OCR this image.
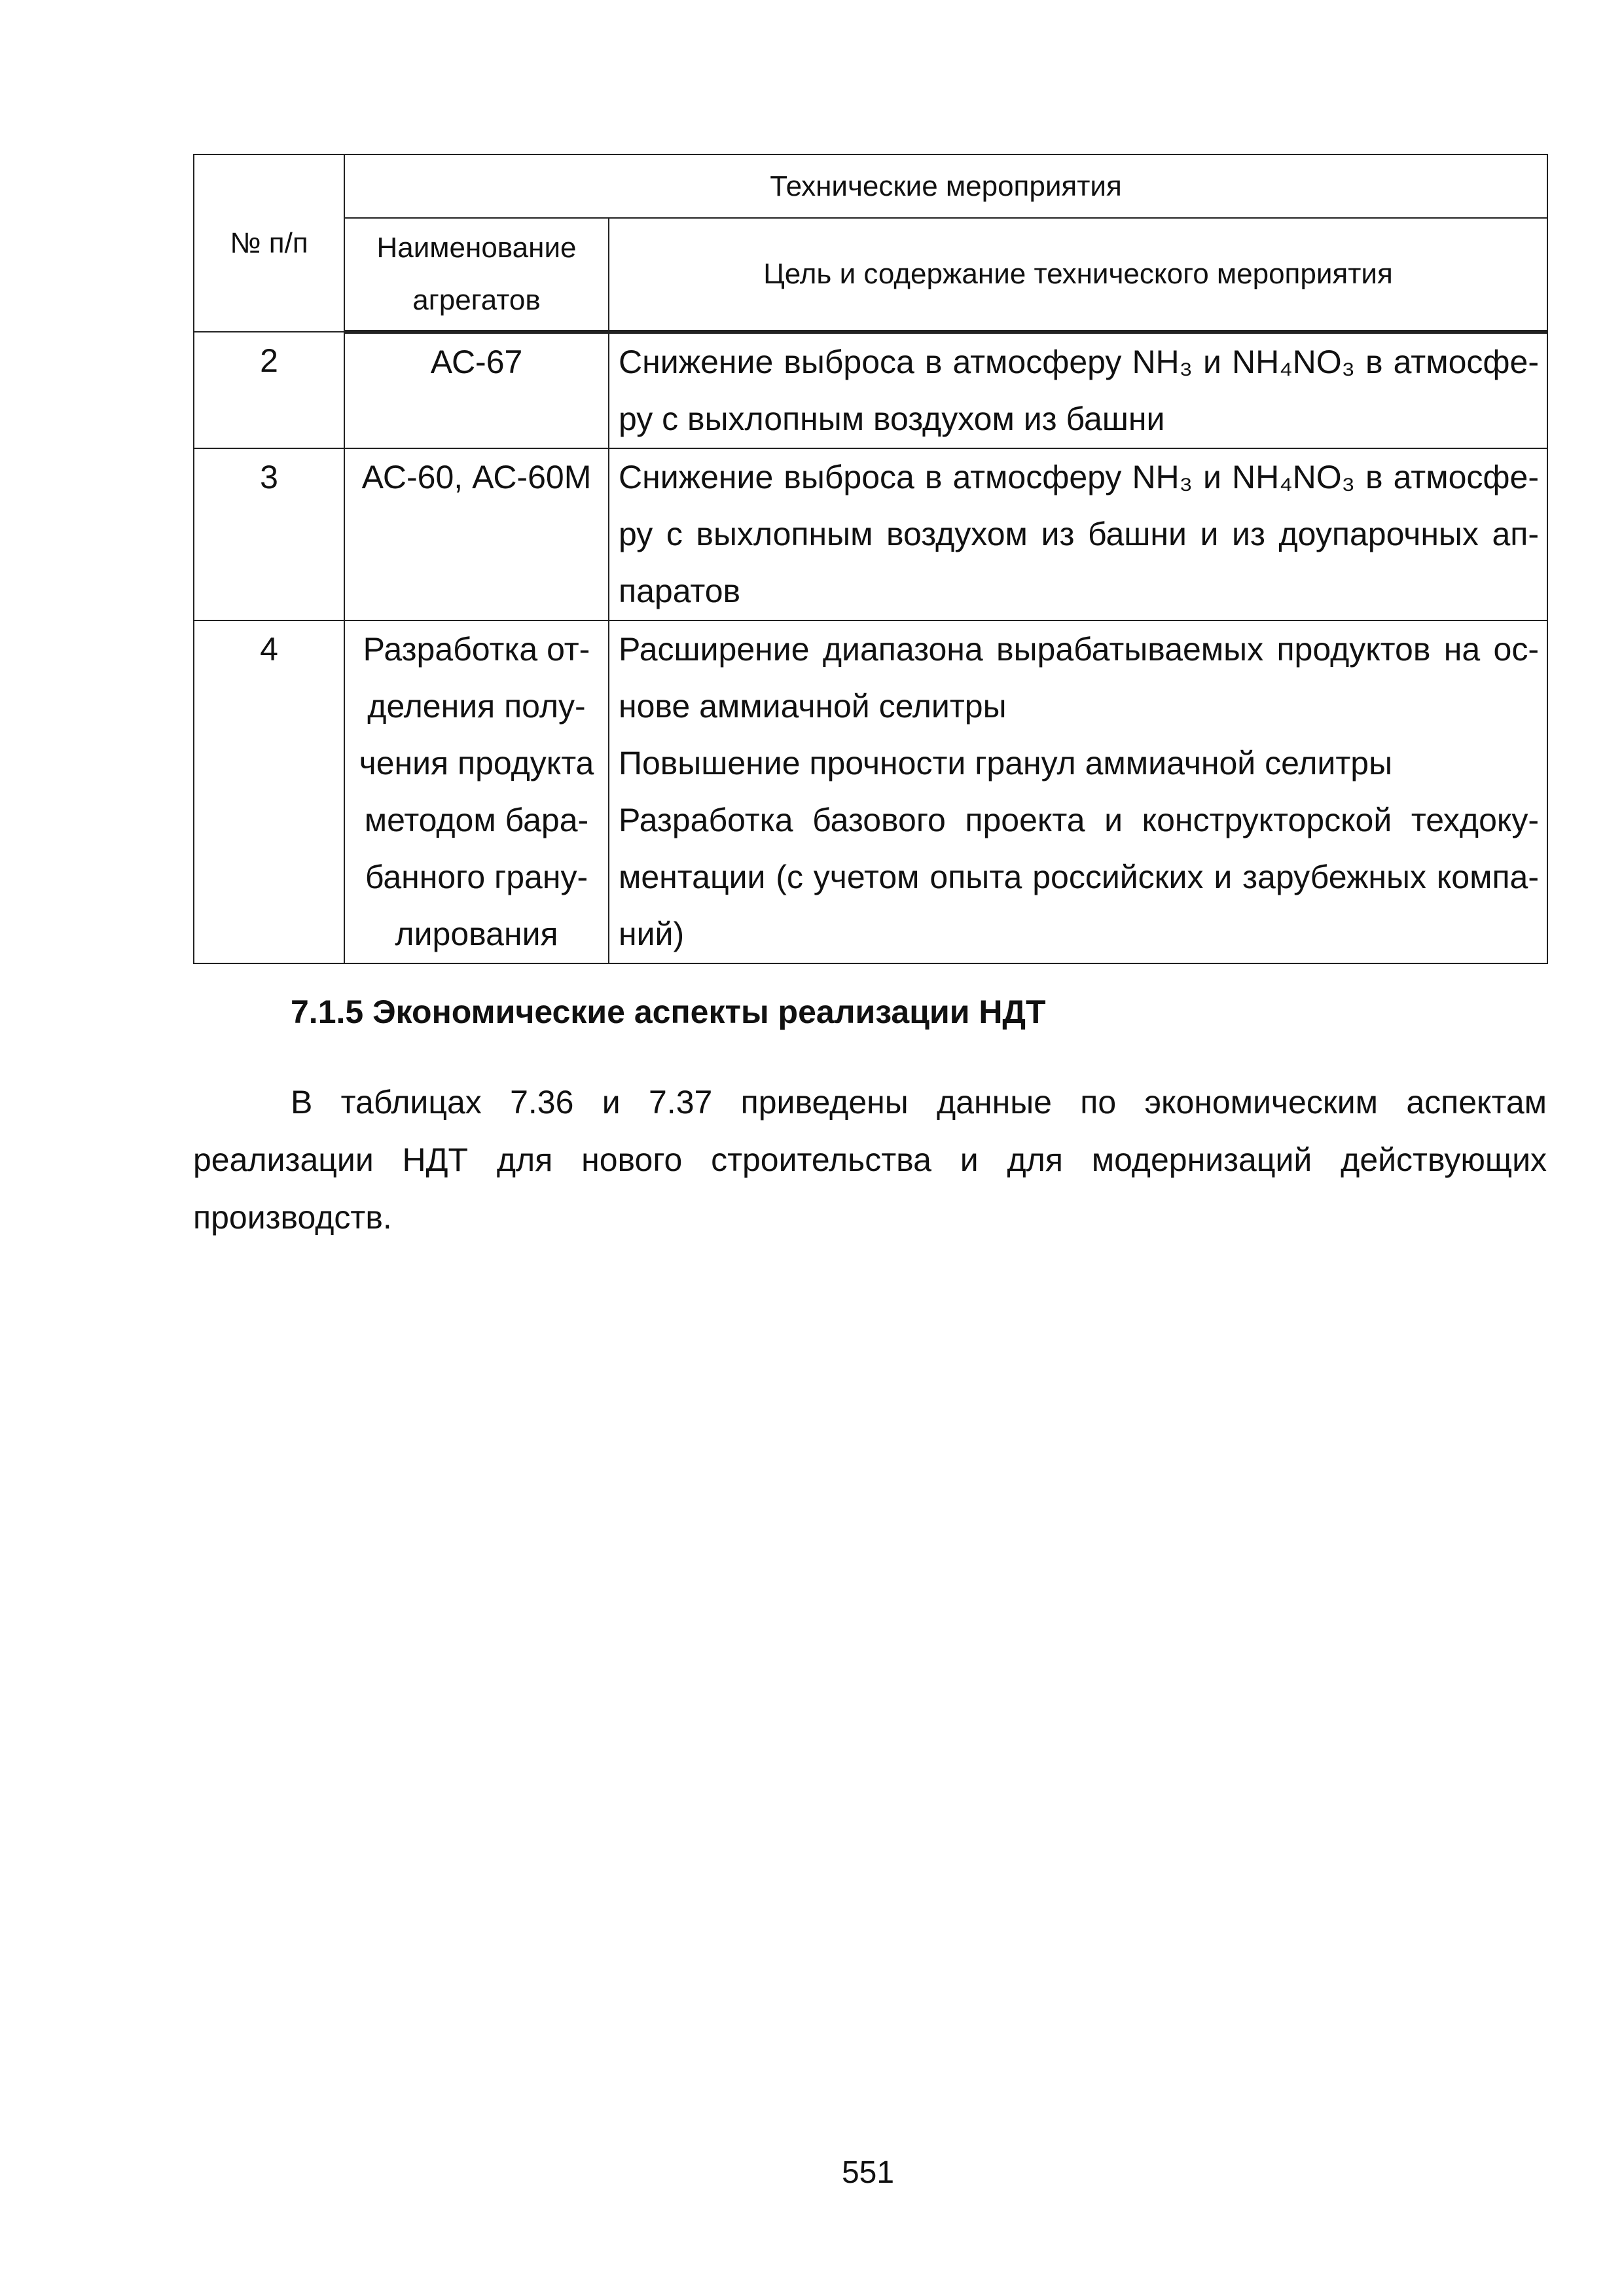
№ п/п	Технические мероприятия	
	Наименование агрегатов	Цель и содержание технического мероприятия
2	АС-67	Снижение выброса в атмосферу NH₃ и NH₄NO₃ в атмосфе-ру с выхлопным воздухом из башни

3	АС-60, АС-60М	Снижение выброса в атмосферу NH₃ и NH₄NO₃ в атмосфе-ру с выхлопным воздухом из башни и из доупарочных ап-паратов

4	Разработка от-деления полу-чения продукта методом бара-банного грану-лирования	Расширение диапазона вырабатываемых продуктов на ос-нове аммиачной селитры
Повышение прочности гранул аммиачной селитры
Разработка базового проекта и конструкторской техдоку-ментации (с учетом опыта российских и зарубежных компа-ний)
7.1.5 Экономические аспекты реализации НДТ

В таблицах 7.36 и 7.37 приведены данные по экономическим аспектам реализации НДТ для нового строительства и для модернизаций действующих производств.

551
